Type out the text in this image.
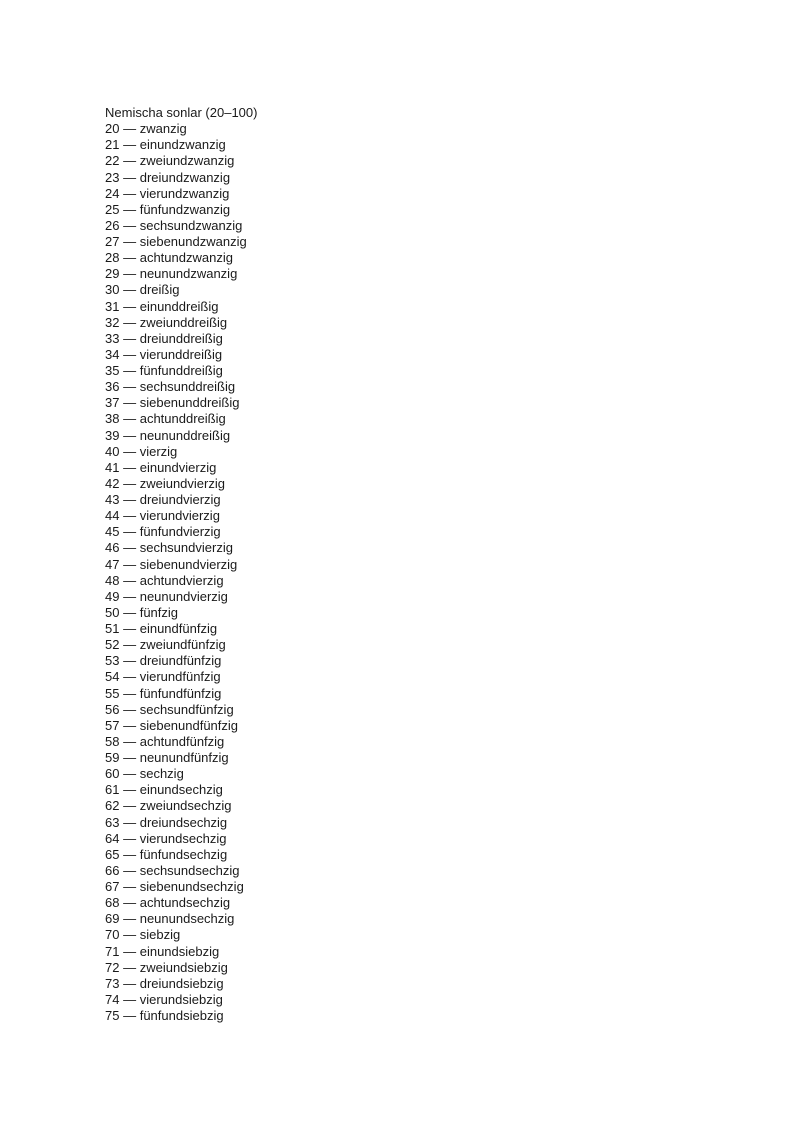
Nemischa sonlar (20–100)
20 — zwanzig
21 — einundzwanzig
22 — zweiundzwanzig
23 — dreiundzwanzig
24 — vierundzwanzig
25 — fünfundzwanzig
26 — sechsundzwanzig
27 — siebenundzwanzig
28 — achtundzwanzig
29 — neunundzwanzig
30 — dreißig
31 — einunddreißig
32 — zweiunddreißig
33 — dreiunddreißig
34 — vierunddreißig
35 — fünfunddreißig
36 — sechsunddreißig
37 — siebenunddreißig
38 — achtunddreißig
39 — neununddreißig
40 — vierzig
41 — einundvierzig
42 — zweiundvierzig
43 — dreiundvierzig
44 — vierundvierzig
45 — fünfundvierzig
46 — sechsundvierzig
47 — siebenundvierzig
48 — achtundvierzig
49 — neunundvierzig
50 — fünfzig
51 — einundfünfzig
52 — zweiundfünfzig
53 — dreiundfünfzig
54 — vierundfünfzig
55 — fünfundfünfzig
56 — sechsundfünfzig
57 — siebenundfünfzig
58 — achtundfünfzig
59 — neunundfünfzig
60 — sechzig
61 — einundsechzig
62 — zweiundsechzig
63 — dreiundsechzig
64 — vierundsechzig
65 — fünfundsechzig
66 — sechsundsechzig
67 — siebenundsechzig
68 — achtundsechzig
69 — neunundsechzig
70 — siebzig
71 — einundsiebzig
72 — zweiundsiebzig
73 — dreiundsiebzig
74 — vierundsiebzig
75 — fünfundsiebzig
